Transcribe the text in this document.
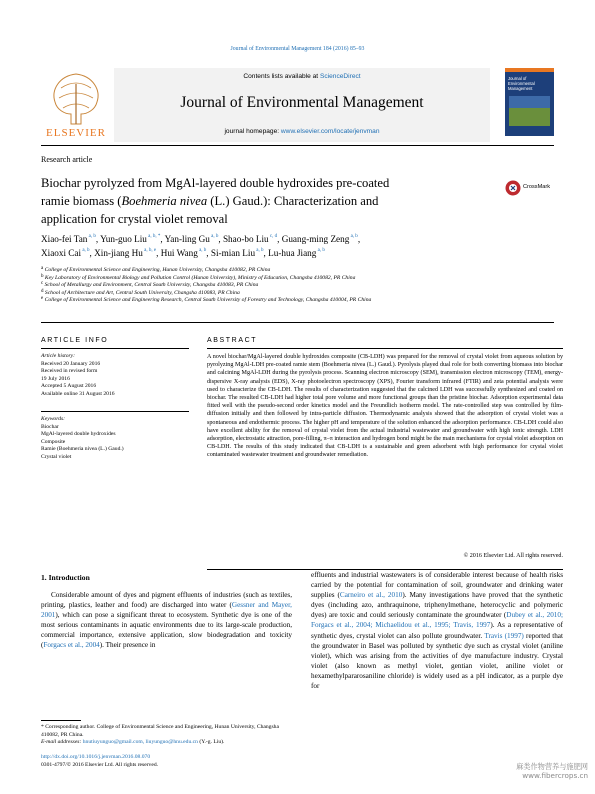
Journal of Environmental Management 184 (2016) 85–93
ELSEVIER
Contents lists available at ScienceDirect
Journal of Environmental Management
journal homepage: www.elsevier.com/locate/jenvman
Journal of
Environmental
Management
Research article
Biochar pyrolyzed from MgAl-layered double hydroxides pre-coated
ramie biomass (Boehmeria nivea (L.) Gaud.): Characterization and
application for crystal violet removal
CrossMark
Xiao-fei Tan $^{a, b}$, Yun-guo Liu $^{a, b, *}$, Yan-ling Gu $^{a, b}$, Shao-bo Liu $^{c, d}$, Guang-ming Zeng $^{a, b}$,
Xiaoxi Cai $^{a, b}$, Xin-jiang Hu $^{a, b, e}$, Hui Wang $^{a, b}$, Si-mian Liu $^{a, b}$, Lu-hua Jiang $^{a, b}$
a College of Environmental Science and Engineering, Hunan University, Changsha 410082, PR China
b Key Laboratory of Environmental Biology and Pollution Control (Hunan University), Ministry of Education, Changsha 410082, PR China
c School of Metallurgy and Environment, Central South University, Changsha 410083, PR China
d School of Architecture and Art, Central South University, Changsha 410083, PR China
e College of Environmental Science and Engineering Research, Central South University of Forestry and Technology, Changsha 410004, PR China
ARTICLE INFO
Article history:
Received 20 January 2016
Received in revised form
19 July 2016
Accepted 5 August 2016
Available online 31 August 2016
Keywords:
Biochar
MgAl-layered double hydroxides
Composite
Ramie (Boehmeria nivea (L.) Gaud.)
Crystal violet
ABSTRACT
A novel biochar/MgAl-layered double hydroxides composite (CB-LDH) was prepared for the removal of crystal violet from aqueous solution by pyrolyzing MgAl-LDH pre-coated ramie stem (Boehmeria nivea (L.) Gaud.). Pyrolysis played dual role for both converting biomass into biochar and calcining MgAl-LDH during the pyrolysis process. Scanning electron microscopy (SEM), transmission electron microscopy (TEM), energy-dispersive X-ray analysis (EDS), X-ray photoelectron spectroscopy (XPS), Fourier transform infrared (FTIR) and zeta potential analysis were used to characterize the CB-LDH. The results of characterization suggested that the calcined LDH was successfully synthesized and coated on biochar. The resulted CB-LDH had higher total pore volume and more functional groups than the pristine biochar. Adsorption experimental data fitted well with the pseudo-second order kinetics model and the Freundlich isotherm model. The rate-controlled step was controlled by film-diffusion initially and then followed by intra-particle diffusion. Thermodynamic analysis showed that the adsorption of crystal violet was a spontaneous and endothermic process. The higher pH and temperature of the solution enhanced the adsorption performance. CB-LDH could also have excellent ability for the removal of crystal violet from the actual industrial wastewater and groundwater with high ionic strength. LDH adsorption, electrostatic attraction, pore-filling, π–π interaction and hydrogen bond might be the main mechanisms for crystal violet adsorption on CB-LDH. The results of this study indicated that CB-LDH is a sustainable and green adsorbent with high performance for crystal violet contaminated wastewater treatment and groundwater remediation.
© 2016 Elsevier Ltd. All rights reserved.
1. Introduction
Considerable amount of dyes and pigment effluents of industries (such as textiles, printing, plastics, leather and food) are discharged into water (Gessner and Mayer, 2001), which can pose a significant threat to ecosystem. Synthetic dye is one of the most serious contaminants in aquatic environments due to its large-scale production, commercial importance, extensive application, slow biodegradation and toxicity (Forgacs et al., 2004). Their presence in
effluents and industrial wastewaters is of considerable interest because of health risks carried by the potential for contamination of soil, groundwater and drinking water supplies (Carneiro et al., 2010). Many investigations have proved that the synthetic dyes (including azo, anthraquinone, triphenylmethane, heterocyclic and polymeric dyes) are toxic and could seriously contaminate the groundwater (Dubey et al., 2010; Forgacs et al., 2004; Michaelidou et al., 1995; Travis, 1997). As a representative of synthetic dyes, crystal violet can also pollute groundwater. Travis (1997) reported that the groundwater in Basel was polluted by synthetic dye such as crystal violet (aniline violet), which was arising from the activities of dye manufacture industry. Crystal violet (also known as methyl violet, gentian violet, aniline violet or hexamethylpararosaniline chloride) is widely used as a pH indicator, as a purple dye for
* Corresponding author. College of Environmental Science and Engineering, Hunan University, Changsha 410082, PR China.
E-mail addresses: hnutiuyunguo@gmail.com, liuyunguo@hnu.edu.cn (Y.-g. Liu).
http://dx.doi.org/10.1016/j.jenvman.2016.08.070
0301-4797/© 2016 Elsevier Ltd. All rights reserved.	麻类作物营养与施肥网
www.fibercrops.cn
